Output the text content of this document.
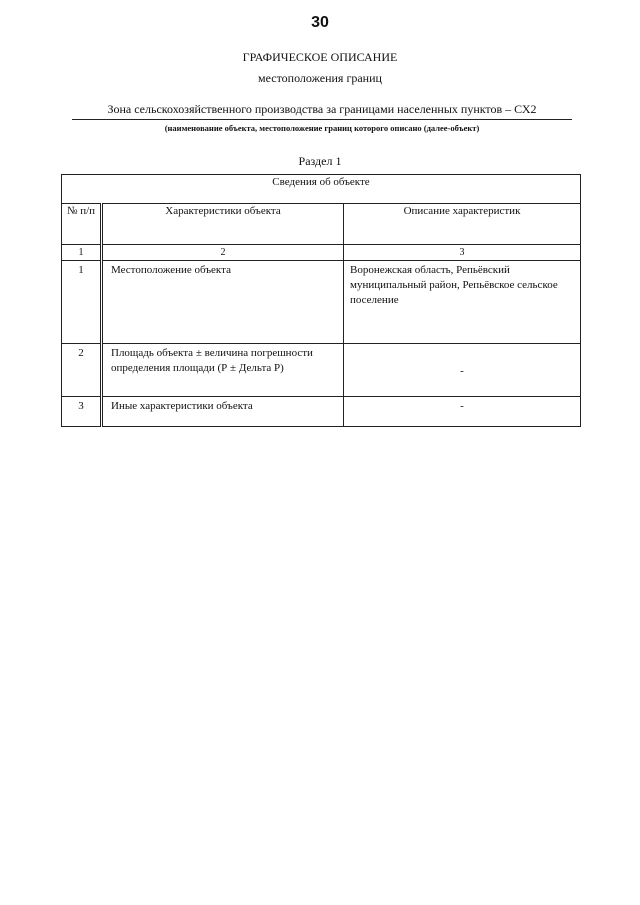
30
ГРАФИЧЕСКОЕ ОПИСАНИЕ
местоположения границ
Зона сельскохозяйственного производства за границами населенных пунктов – СХ2
(наименование объекта, местоположение границ которого описано (далее-объект)
Раздел 1
Сведения об объекте		
№ п/п	Характеристики объекта	Описание характеристик
1	2	3
1	Местоположение объекта	Воронежская область, Репьёвский муниципальный район, Репьёвское сельское поселение
2	Площадь объекта ± величина погрешности определения площади (Р ± Дельта Р)	-
3	Иные характеристики объекта	-
